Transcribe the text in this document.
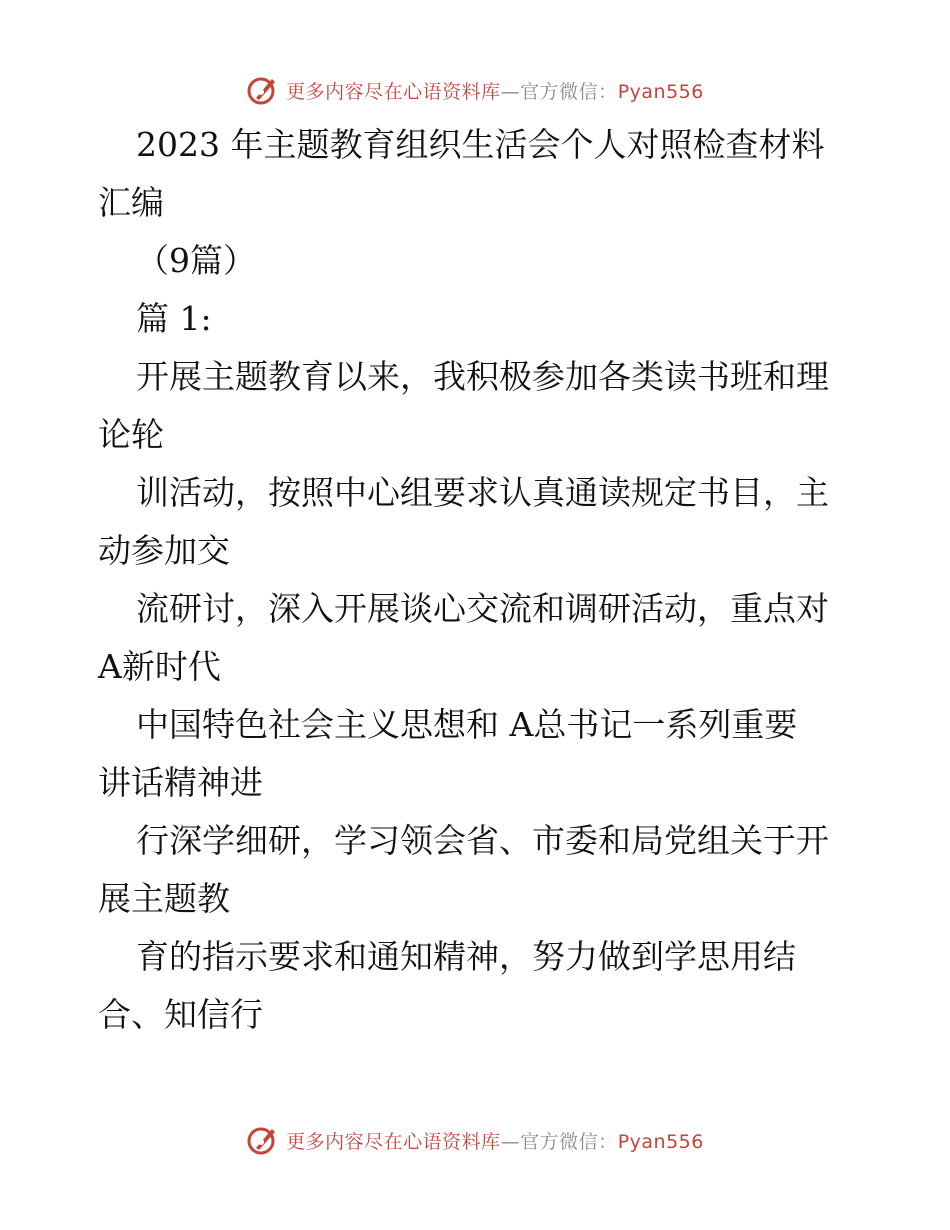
更多内容尽在心语资料库—官方微信：Pyan556

2023 年主题教育组织生活会个人对照检查材料

汇编

（9篇）

篇 1:

开展主题教育以来，我积极参加各类读书班和理

论轮

训活动，按照中心组要求认真通读规定书目，主

动参加交

流研讨，深入开展谈心交流和调研活动，重点对

A新时代

中国特色社会主义思想和 A总书记一系列重要

讲话精神进

行深学细研，学习领会省、市委和局党组关于开

展主题教

育的指示要求和通知精神，努力做到学思用结

合、知信行

更多内容尽在心语资料库—官方微信：Pyan556
